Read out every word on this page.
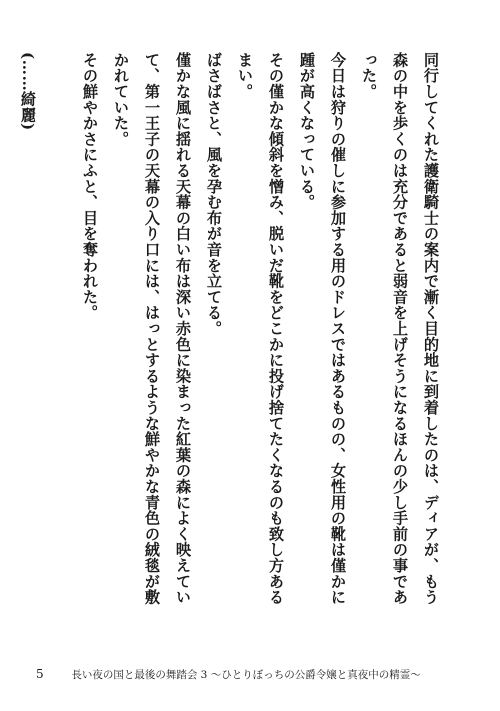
同行してくれた護衛騎士の案内で漸く目的地に到着したのは、ディアが、もう森の中を歩くのは充分であると弱音を上げそうになるほんの少し手前の事であった。

今日は狩りの催しに参加する用のドレスではあるものの、女性用の靴は僅かに踵が高くなっている。

その僅かな傾斜を憎み、脱いだ靴をどこかに投げ捨てたくなるのも致し方あるまい。

ばさばさと、風を孕む布が音を立てる。

僅かな風に揺れる天幕の白い布は深い赤色に染まった紅葉の森によく映えていて、第一王子の天幕の入り口には、はっとするような鮮やかな青色の絨毯が敷かれていた。

その鮮やかさにふと、目を奪われた。

(……綺麗)

5	長い夜の国と最後の舞踏会 3 〜ひとりぼっちの公爵令嬢と真夜中の精霊〜
